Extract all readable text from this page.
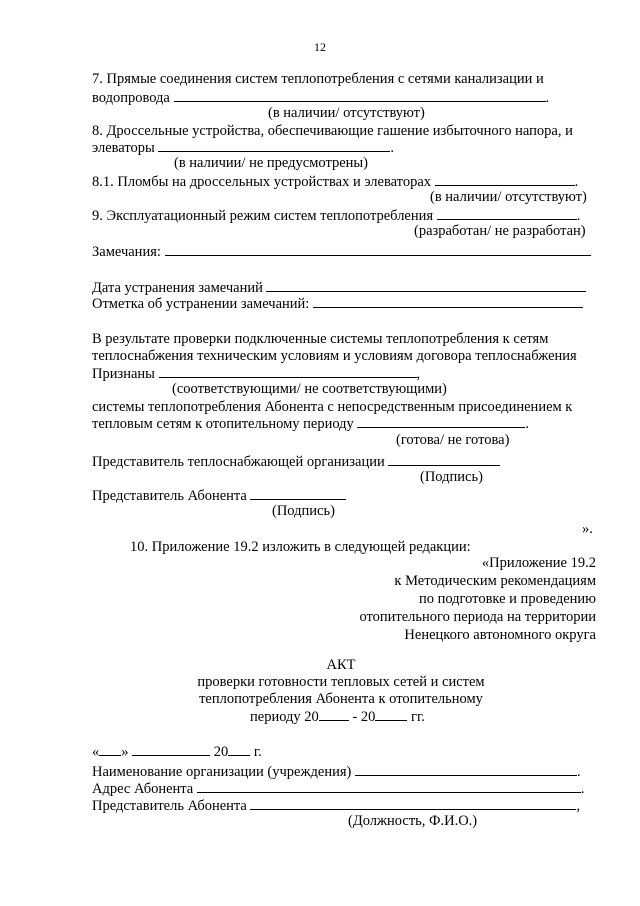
12
7. Прямые соединения систем теплопотребления с сетями канализации и
водопровода	.
(в наличии/ отсутствуют)
8. Дроссельные устройства, обеспечивающие гашение избыточного напора, и
элеваторы	.
(в наличии/ не предусмотрены)
8.1. Пломбы на дроссельных устройствах и элеваторах	.
(в наличии/ отсутствуют)
9. Эксплуатационный режим систем теплопотребления	.
(разработан/ не разработан)
Замечания:
Дата устранения замечаний
Отметка об устранении замечаний:
В результате проверки подключенные системы теплопотребления к сетям
теплоснабжения техническим условиям и условиям договора теплоснабжения
Признаны	,
(соответствующими/ не соответствующими)
системы теплопотребления Абонента с непосредственным присоединением к
тепловым сетям к отопительному периоду	.
(готова/ не готова)
Представитель теплоснабжающей организации
(Подпись)
Представитель Абонента
(Подпись)
».
10. Приложение 19.2 изложить в следующей редакции:
«Приложение 19.2
к Методическим рекомендациям
по подготовке и проведению
отопительного периода на территории
Ненецкого автономного округа
АКТ
проверки готовности тепловых сетей и систем
теплопотребления Абонента к отопительному
периоду 20 - 20 гг.
« »	20 г.
Наименование организации (учреждения)	.
Адрес Абонента	.
Представитель Абонента	,
(Должность, Ф.И.О.)
